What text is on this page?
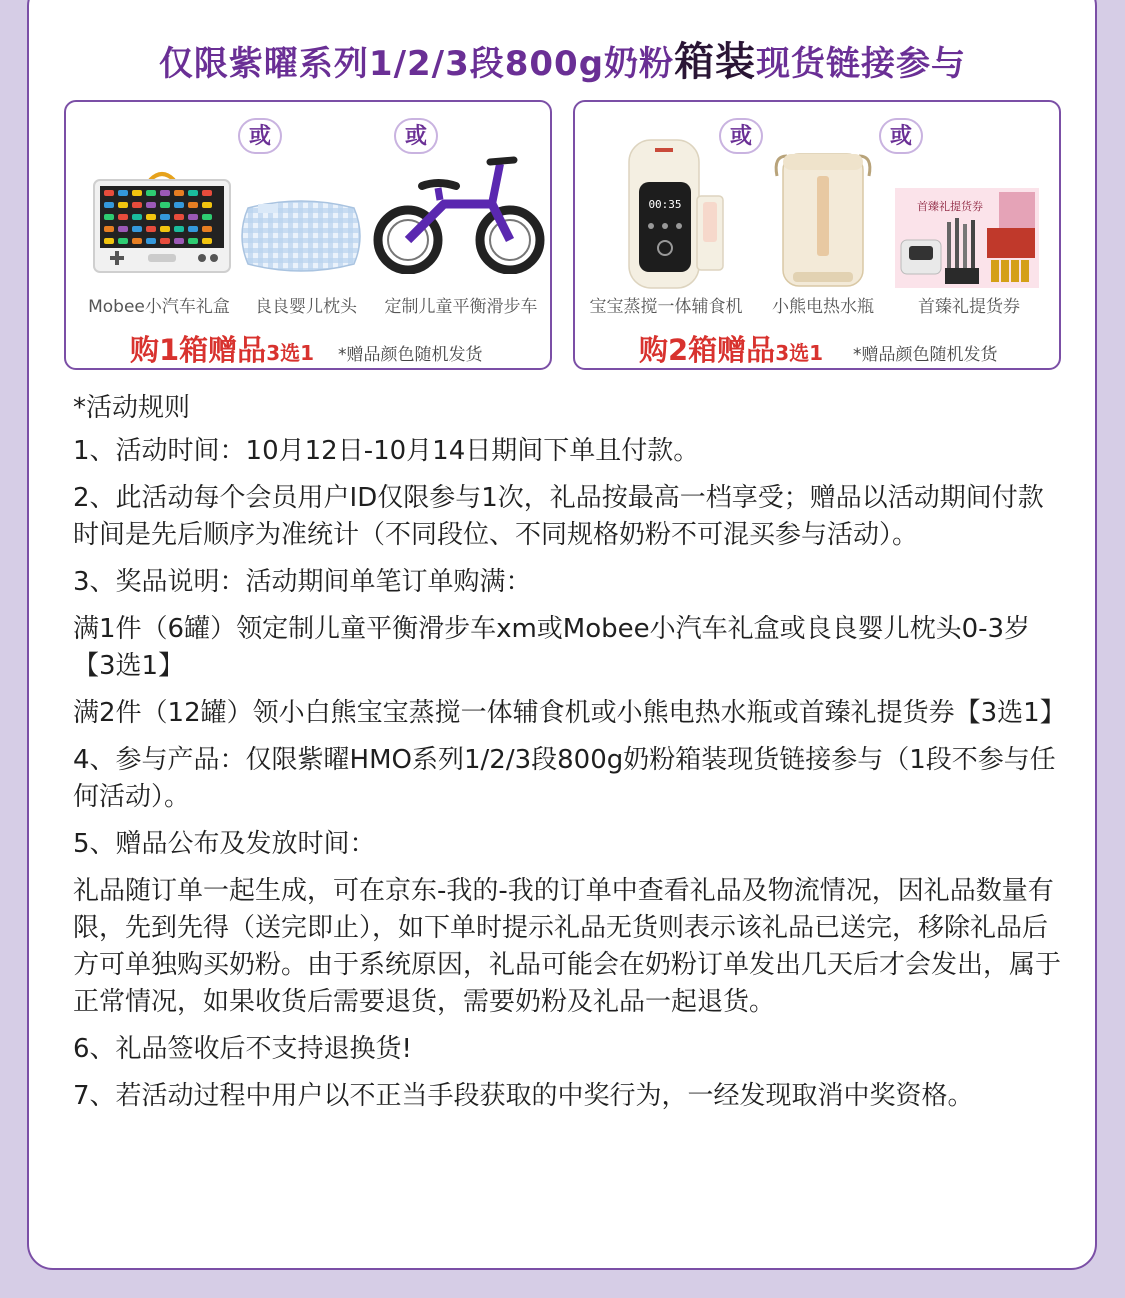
仅限紫曜系列1/2/3段800g奶粉箱装现货链接参与
或	或
Mobee小汽车礼盒	良良婴儿枕头	定制儿童平衡滑步车
购1箱赠品3选1 *赠品颜色随机发货
或	或
00:35	首臻礼提货券
宝宝蒸搅一体辅食机	小熊电热水瓶	首臻礼提货券
购2箱赠品3选1 *赠品颜色随机发货

*活动规则

1、活动时间：10月12日-10月14日期间下单且付款。

2、此活动每个会员用户ID仅限参与1次，礼品按最高一档享受；赠品以活动期间付款时间是先后顺序为准统计（不同段位、不同规格奶粉不可混买参与活动）。

3、奖品说明：活动期间单笔订单购满：

满1件（6罐）领定制儿童平衡滑步车xm或Mobee小汽车礼盒或良良婴儿枕头0-3岁【3选1】

满2件（12罐）领小白熊宝宝蒸搅一体辅食机或小熊电热水瓶或首臻礼提货券【3选1】

4、参与产品：仅限紫曜HMO系列1/2/3段800g奶粉箱装现货链接参与（1段不参与任何活动）。

5、赠品公布及发放时间：

礼品随订单一起生成，可在京东-我的-我的订单中查看礼品及物流情况，因礼品数量有限，先到先得（送完即止），如下单时提示礼品无货则表示该礼品已送完，移除礼品后方可单独购买奶粉。由于系统原因，礼品可能会在奶粉订单发出几天后才会发出，属于正常情况，如果收货后需要退货，需要奶粉及礼品一起退货。

6、礼品签收后不支持退换货!

7、若活动过程中用户以不正当手段获取的中奖行为，一经发现取消中奖资格。
